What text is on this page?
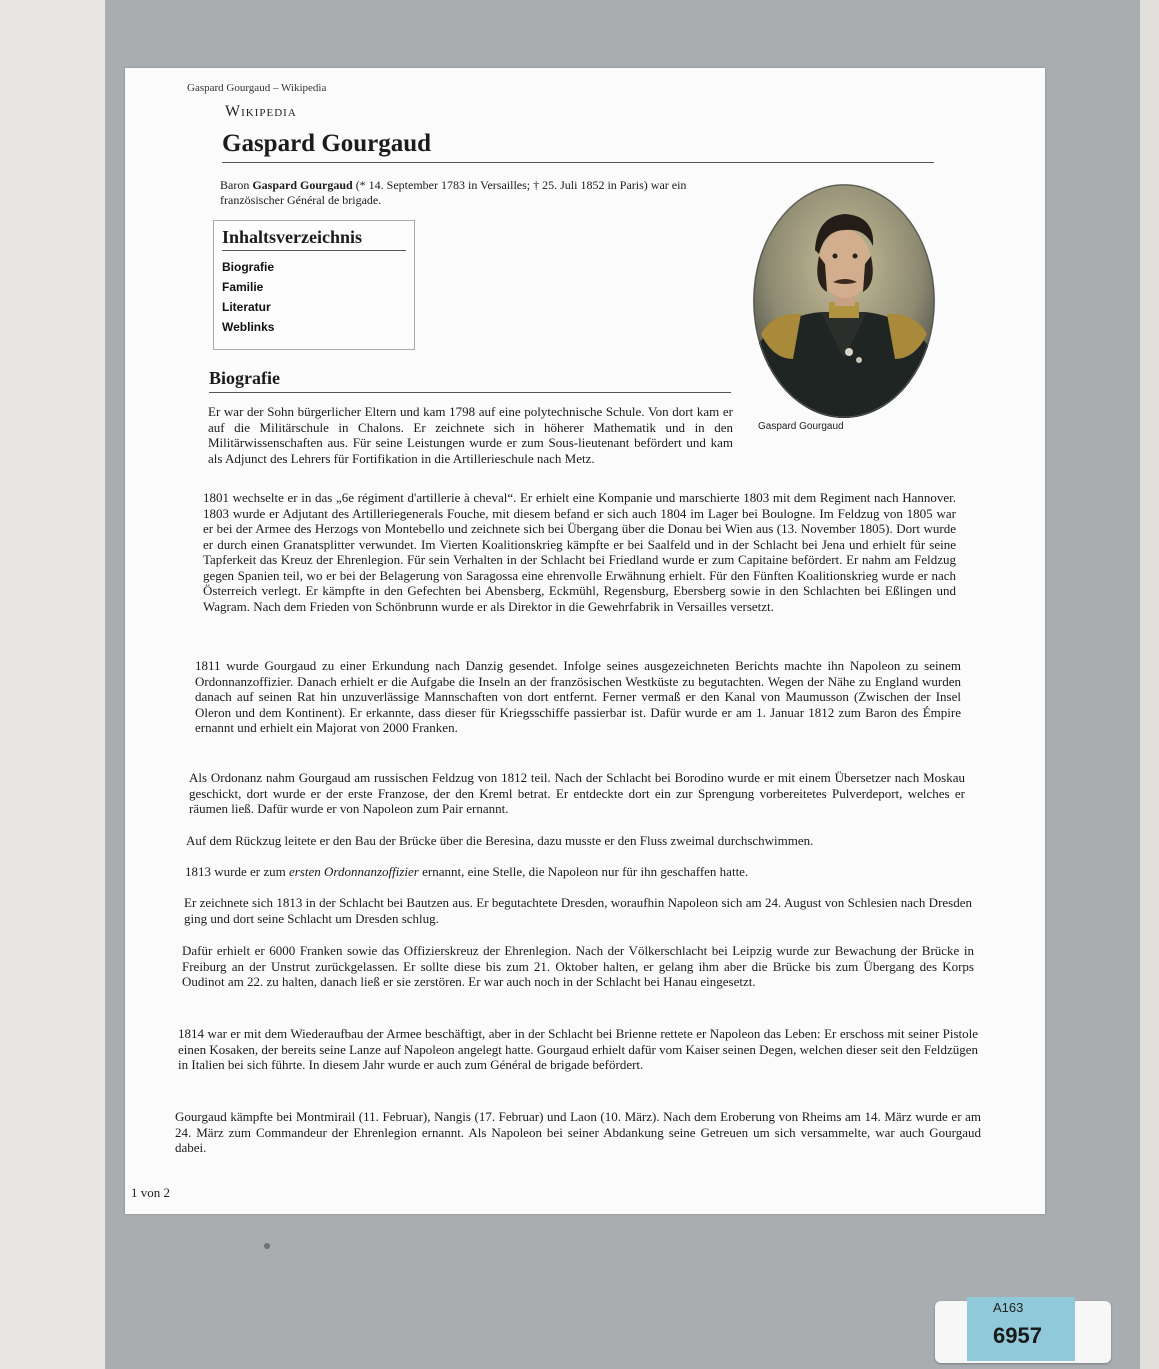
Gaspard Gourgaud – Wikipedia
Wikipedia
Gaspard Gourgaud
Baron Gaspard Gourgaud (* 14. September 1783 in Versailles; † 25. Juli 1852 in Paris) war ein französischer Général de brigade.
Inhaltsverzeichnis
Biografie
Familie
Literatur
Weblinks
Gaspard Gourgaud
Biografie

Er war der Sohn bürgerlicher Eltern und kam 1798 auf eine polytechnische Schule. Von dort kam er auf die Militärschule in Chalons. Er zeichnete sich in höherer Mathematik und in den Militärwissenschaften aus. Für seine Leistungen wurde er zum Sous-lieutenant befördert und kam als Adjunct des Lehrers für Fortifikation in die Artillerieschule nach Metz.

1801 wechselte er in das „6e régiment d'artillerie à cheval“. Er erhielt eine Kompanie und marschierte 1803 mit dem Regiment nach Hannover. 1803 wurde er Adjutant des Artilleriegenerals Fouche, mit diesem befand er sich auch 1804 im Lager bei Boulogne. Im Feldzug von 1805 war er bei der Armee des Herzogs von Montebello und zeichnete sich bei Übergang über die Donau bei Wien aus (13. November 1805). Dort wurde er durch einen Granatsplitter verwundet. Im Vierten Koalitionskrieg kämpfte er bei Saalfeld und in der Schlacht bei Jena und erhielt für seine Tapferkeit das Kreuz der Ehrenlegion. Für sein Verhalten in der Schlacht bei Friedland wurde er zum Capitaine befördert. Er nahm am Feldzug gegen Spanien teil, wo er bei der Belagerung von Saragossa eine ehrenvolle Erwähnung erhielt. Für den Fünften Koalitionskrieg wurde er nach Österreich verlegt. Er kämpfte in den Gefechten bei Abensberg, Eckmühl, Regensburg, Ebersberg sowie in den Schlachten bei Eßlingen und Wagram. Nach dem Frieden von Schönbrunn wurde er als Direktor in die Gewehrfabrik in Versailles versetzt.

1811 wurde Gourgaud zu einer Erkundung nach Danzig gesendet. Infolge seines ausgezeichneten Berichts machte ihn Napoleon zu seinem Ordonnanzoffizier. Danach erhielt er die Aufgabe die Inseln an der französischen Westküste zu begutachten. Wegen der Nähe zu England wurden danach auf seinen Rat hin unzuverlässige Mannschaften von dort entfernt. Ferner vermaß er den Kanal von Maumusson (Zwischen der Insel Oleron und dem Kontinent). Er erkannte, dass dieser für Kriegsschiffe passierbar ist. Dafür wurde er am 1. Januar 1812 zum Baron des Émpire ernannt und erhielt ein Majorat von 2000 Franken.

Als Ordonanz nahm Gourgaud am russischen Feldzug von 1812 teil. Nach der Schlacht bei Borodino wurde er mit einem Übersetzer nach Moskau geschickt, dort wurde er der erste Franzose, der den Kreml betrat. Er entdeckte dort ein zur Sprengung vorbereitetes Pulverdeport, welches er räumen ließ. Dafür wurde er von Napoleon zum Pair ernannt.

Auf dem Rückzug leitete er den Bau der Brücke über die Beresina, dazu musste er den Fluss zweimal durchschwimmen.

1813 wurde er zum ersten Ordonnanzoffizier ernannt, eine Stelle, die Napoleon nur für ihn geschaffen hatte.

Er zeichnete sich 1813 in der Schlacht bei Bautzen aus. Er begutachtete Dresden, woraufhin Napoleon sich am 24. August von Schlesien nach Dresden ging und dort seine Schlacht um Dresden schlug.

Dafür erhielt er 6000 Franken sowie das Offizierskreuz der Ehrenlegion. Nach der Völkerschlacht bei Leipzig wurde zur Bewachung der Brücke in Freiburg an der Unstrut zurückgelassen. Er sollte diese bis zum 21. Oktober halten, er gelang ihm aber die Brücke bis zum Übergang des Korps Oudinot am 22. zu halten, danach ließ er sie zerstören. Er war auch noch in der Schlacht bei Hanau eingesetzt.

1814 war er mit dem Wiederaufbau der Armee beschäftigt, aber in der Schlacht bei Brienne rettete er Napoleon das Leben: Er erschoss mit seiner Pistole einen Kosaken, der bereits seine Lanze auf Napoleon angelegt hatte. Gourgaud erhielt dafür vom Kaiser seinen Degen, welchen dieser seit den Feldzügen in Italien bei sich führte. In diesem Jahr wurde er auch zum Général de brigade befördert.

Gourgaud kämpfte bei Montmirail (11. Februar), Nangis (17. Februar) und Laon (10. März). Nach dem Eroberung von Rheims am 14. März wurde er am 24. März zum Commandeur der Ehrenlegion ernannt. Als Napoleon bei seiner Abdankung seine Getreuen um sich versammelte, war auch Gourgaud dabei.

1 von 2
A163
6957
